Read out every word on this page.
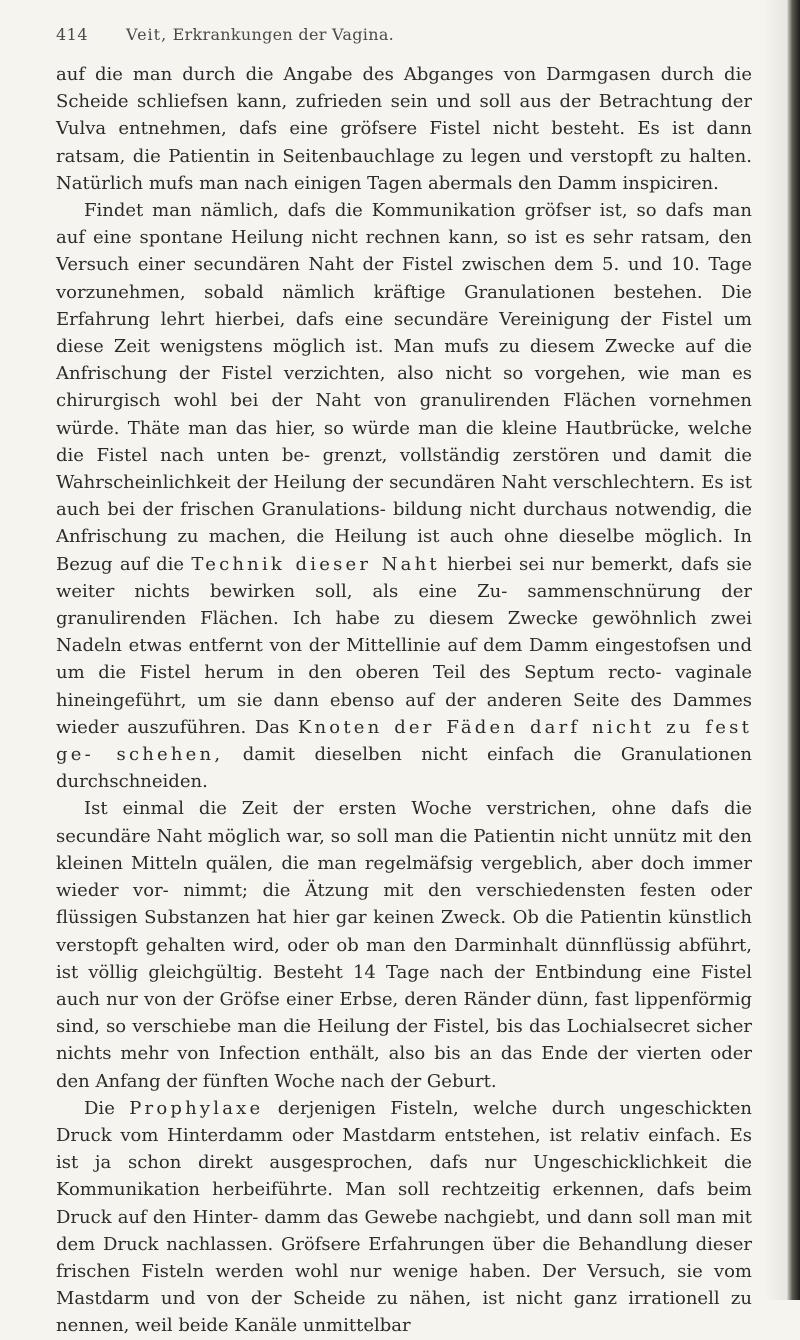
414 Veit, Erkrankungen der Vagina.

auf die man durch die Angabe des Abganges von Darmgasen durch die Scheide schliefsen kann, zufrieden sein und soll aus der Betrachtung der Vulva entnehmen, dafs eine gröfsere Fistel nicht besteht. Es ist dann ratsam, die Patientin in Seitenbauchlage zu legen und verstopft zu halten. Natürlich mufs man nach einigen Tagen abermals den Damm inspiciren.

Findet man nämlich, dafs die Kommunikation gröfser ist, so dafs man auf eine spontane Heilung nicht rechnen kann, so ist es sehr ratsam, den Versuch einer secundären Naht der Fistel zwischen dem 5. und 10. Tage vorzunehmen, sobald nämlich kräftige Granulationen bestehen. Die Erfahrung lehrt hierbei, dafs eine secundäre Vereinigung der Fistel um diese Zeit wenigstens möglich ist. Man mufs zu diesem Zwecke auf die Anfrischung der Fistel verzichten, also nicht so vorgehen, wie man es chirurgisch wohl bei der Naht von granulirenden Flächen vornehmen würde. Thäte man das hier, so würde man die kleine Hautbrücke, welche die Fistel nach unten be- grenzt, vollständig zerstören und damit die Wahrscheinlichkeit der Heilung der secundären Naht verschlechtern. Es ist auch bei der frischen Granulations- bildung nicht durchaus notwendig, die Anfrischung zu machen, die Heilung ist auch ohne dieselbe möglich. In Bezug auf die Technik dieser Naht hierbei sei nur bemerkt, dafs sie weiter nichts bewirken soll, als eine Zu- sammenschnürung der granulirenden Flächen. Ich habe zu diesem Zwecke gewöhnlich zwei Nadeln etwas entfernt von der Mittellinie auf dem Damm eingestofsen und um die Fistel herum in den oberen Teil des Septum recto- vaginale hineingeführt, um sie dann ebenso auf der anderen Seite des Dammes wieder auszuführen. Das Knoten der Fäden darf nicht zu fest ge- schehen, damit dieselben nicht einfach die Granulationen durchschneiden.

Ist einmal die Zeit der ersten Woche verstrichen, ohne dafs die secundäre Naht möglich war, so soll man die Patientin nicht unnütz mit den kleinen Mitteln quälen, die man regelmäfsig vergeblich, aber doch immer wieder vor- nimmt; die Ätzung mit den verschiedensten festen oder flüssigen Substanzen hat hier gar keinen Zweck. Ob die Patientin künstlich verstopft gehalten wird, oder ob man den Darminhalt dünnflüssig abführt, ist völlig gleichgültig. Besteht 14 Tage nach der Entbindung eine Fistel auch nur von der Gröfse einer Erbse, deren Ränder dünn, fast lippenförmig sind, so verschiebe man die Heilung der Fistel, bis das Lochialsecret sicher nichts mehr von Infection enthält, also bis an das Ende der vierten oder den Anfang der fünften Woche nach der Geburt.

Die Prophylaxe derjenigen Fisteln, welche durch ungeschickten Druck vom Hinterdamm oder Mastdarm entstehen, ist relativ einfach. Es ist ja schon direkt ausgesprochen, dafs nur Ungeschicklichkeit die Kommunikation herbeiführte. Man soll rechtzeitig erkennen, dafs beim Druck auf den Hinter- damm das Gewebe nachgiebt, und dann soll man mit dem Druck nachlassen. Gröfsere Erfahrungen über die Behandlung dieser frischen Fisteln werden wohl nur wenige haben. Der Versuch, sie vom Mastdarm und von der Scheide zu nähen, ist nicht ganz irrationell zu nennen, weil beide Kanäle unmittelbar
